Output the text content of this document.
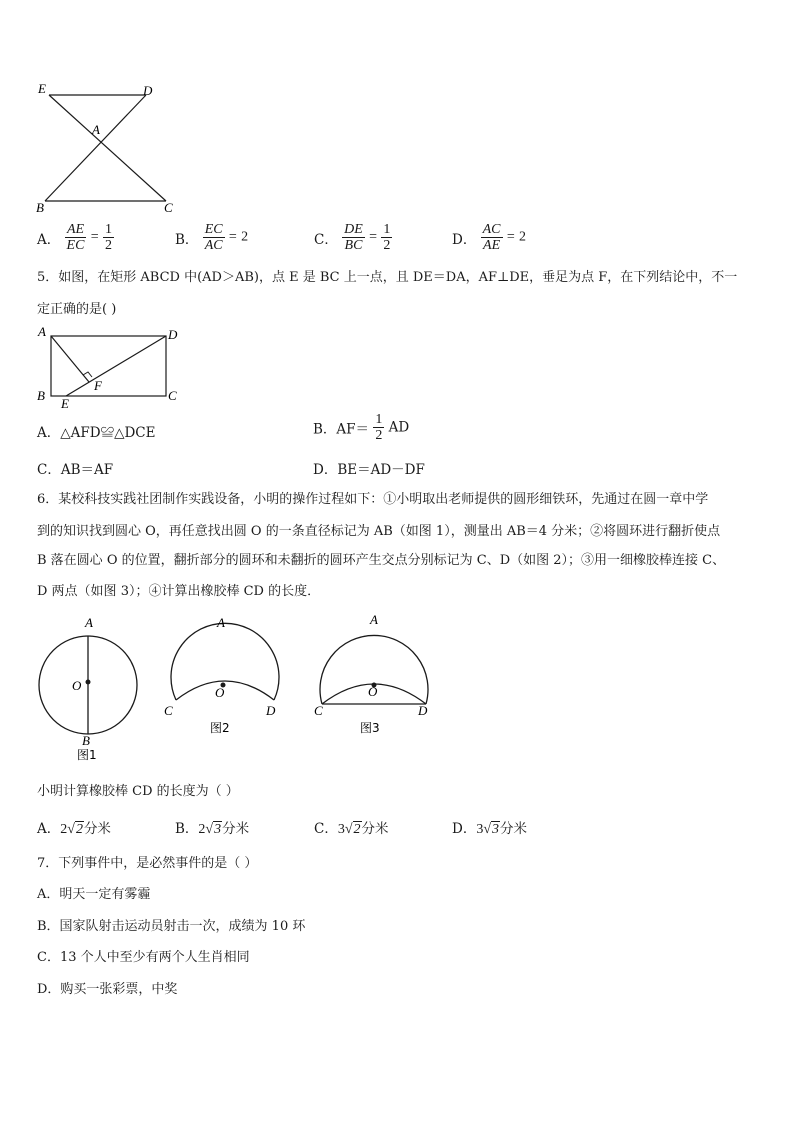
E	D
A
B	C
A． $\frac{AE}{EC} = \frac{1}{2}$	B． $\frac{EC}{AC} = 2$	C． $\frac{DE}{BC} = \frac{1}{2}$	D． $\frac{AC}{AE} = 2$
5．如图，在矩形 ABCD 中(AD＞AB)，点 E 是 BC 上一点，且 DE＝DA，AF⊥DE，垂足为点 F，在下列结论中，不一
定正确的是( )
A	D
B
E
F
C
A．△AFD≌△DCE	B．$AF= \frac{1}{2}$ AD
C．AB＝AF	D．BE＝AD－DF
6．某校科技实践社团制作实践设备，小明的操作过程如下：①小明取出老师提供的圆形细铁环，先通过在圆一章中学
到的知识找到圆心 O，再任意找出圆 O 的一条直径标记为 AB（如图 1），测量出 AB＝4 分米；②将圆环进行翻折使点
B 落在圆心 O 的位置，翻折部分的圆环和未翻折的圆环产生交点分别标记为 C、D（如图 2）；③用一细橡胶棒连接 C、
D 两点（如图 3）；④计算出橡胶棒 CD 的长度．
A
O
B
图1
A
O
C	D
图2
A
O
C	D
图3
小明计算橡胶棒 CD 的长度为（ ）
A．2√2分米	B．2√3分米	C．3√2分米	D．3√3分米
7．下列事件中，是必然事件的是（ ）
A．明天一定有雾霾
B．国家队射击运动员射击一次，成绩为 10 环
C．13 个人中至少有两个人生肖相同
D．购买一张彩票，中奖
